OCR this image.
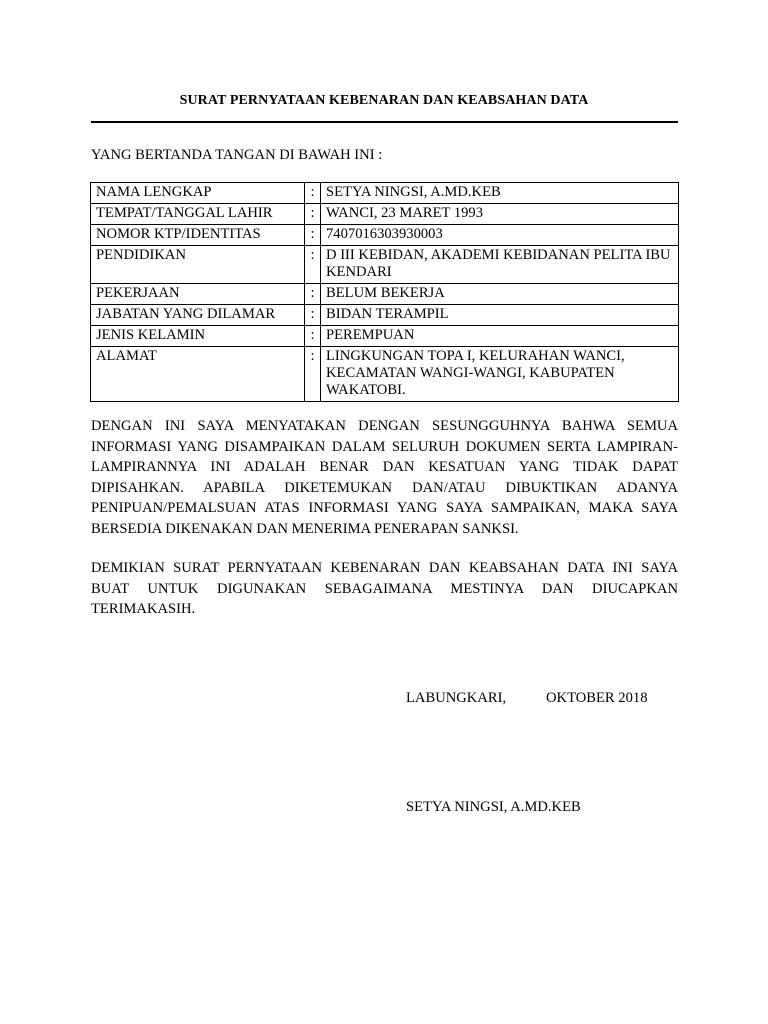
SURAT PERNYATAAN KEBENARAN DAN KEABSAHAN DATA
YANG BERTANDA TANGAN DI BAWAH INI :
NAMA LENGKAP	:	SETYA NINGSI, A.MD.KEB
TEMPAT/TANGGAL LAHIR	:	WANCI, 23 MARET 1993
NOMOR KTP/IDENTITAS	:	7407016303930003
PENDIDIKAN	:	D III KEBIDAN, AKADEMI KEBIDANAN PELITA IBU KENDARI
PEKERJAAN	:	BELUM BEKERJA
JABATAN YANG DILAMAR	:	BIDAN TERAMPIL
JENIS KELAMIN	:	PEREMPUAN
ALAMAT	:	LINGKUNGAN TOPA I, KELURAHAN WANCI, KECAMATAN WANGI-WANGI, KABUPATEN WAKATOBI.

DENGAN INI SAYA MENYATAKAN DENGAN SESUNGGUHNYA BAHWA SEMUA INFORMASI YANG DISAMPAIKAN DALAM SELURUH DOKUMEN SERTA LAMPIRAN-LAMPIRANNYA INI ADALAH BENAR DAN KESATUAN YANG TIDAK DAPAT DIPISAHKAN. APABILA DIKETEMUKAN DAN/ATAU DIBUKTIKAN ADANYA PENIPUAN/PEMALSUAN ATAS INFORMASI YANG SAYA SAMPAIKAN, MAKA SAYA BERSEDIA DIKENAKAN DAN MENERIMA PENERAPAN SANKSI.

DEMIKIAN SURAT PERNYATAAN KEBENARAN DAN KEABSAHAN DATA INI SAYA BUAT UNTUK DIGUNAKAN SEBAGAIMANA MESTINYA DAN DIUCAPKAN TERIMAKASIH.

LABUNGKARI,	OKTOBER 2018
SETYA NINGSI, A.MD.KEB
